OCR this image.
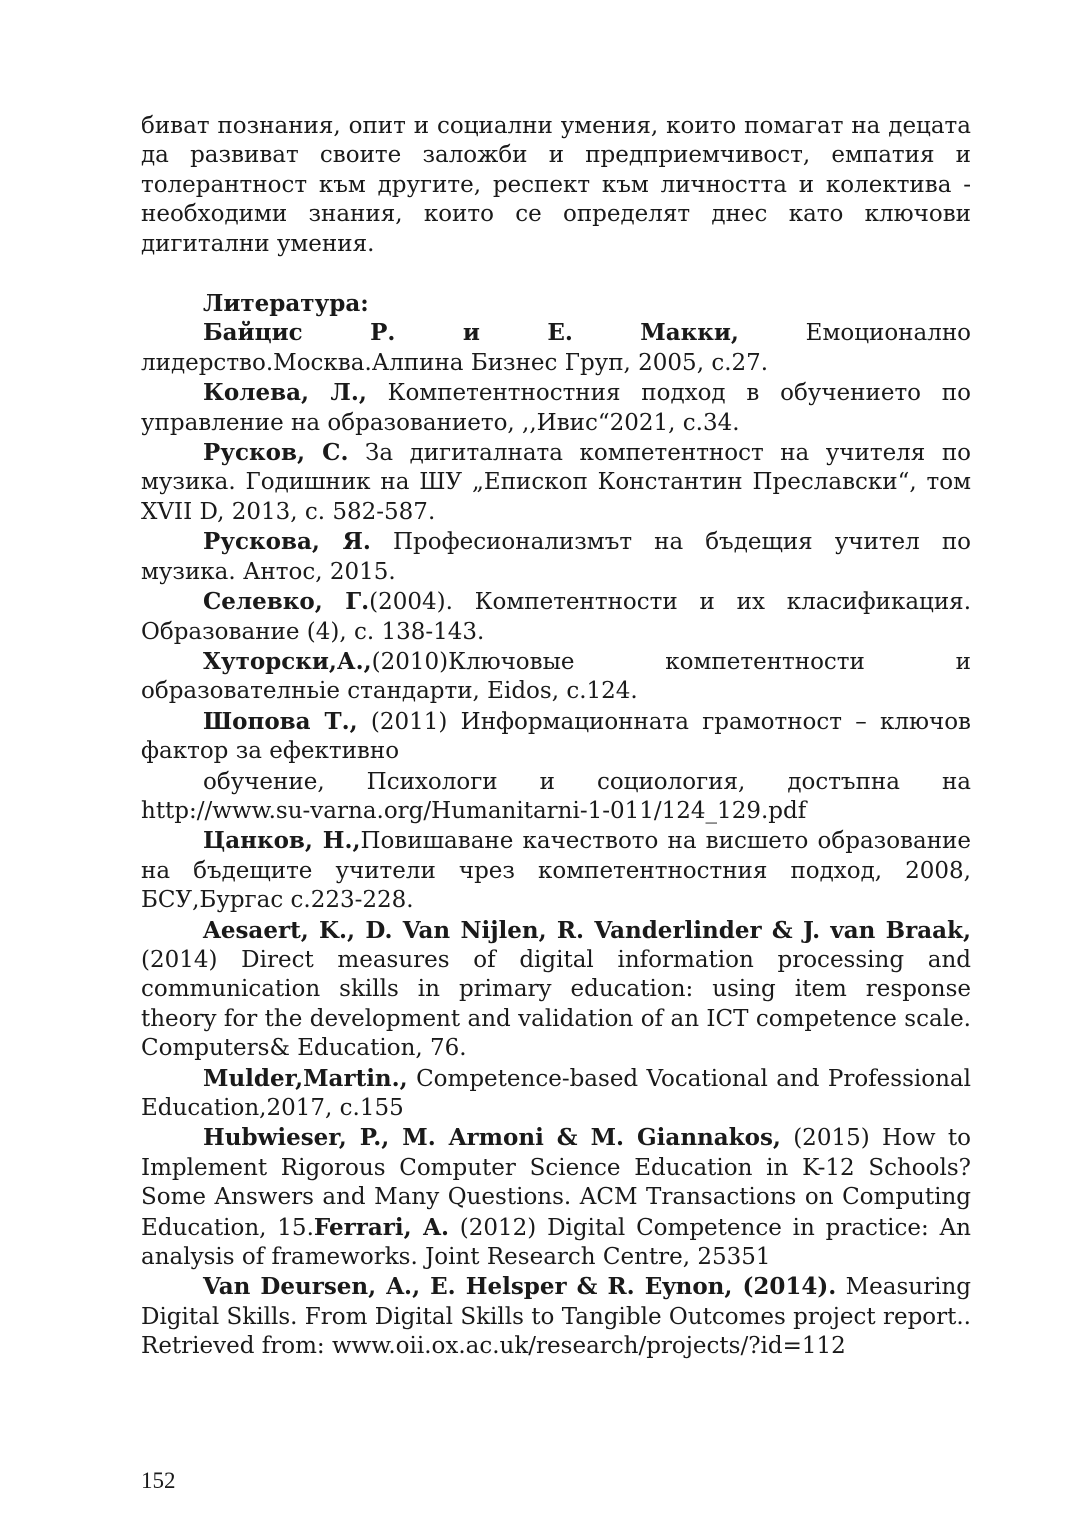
биват познания, опит и социални умения, които помагат на децата да развиват своите заложби и предприемчивост, емпатия и толерантност към другите, респект към личността и колектива - необходими знания, които се определят днес като ключови дигитални умения.

Литература:

Байцис Р. и Е. Макки, Емоционално лидерство.Москва.Алпина Бизнес Груп, 2005, с.27.

Колева, Л., Компетентностния подход в обучението по управление на образованието, ,,Ивис“2021, с.34.

Русков, С. За дигиталната компетентност на учителя по музика. Годишник на ШУ „Епископ Константин Преславски“, том XVII D, 2013, с. 582-587.

Рускова, Я. Професионализмът на бъдещия учител по музика. Антос, 2015.

Селевко, Г.(2004). Компетентности и их класификация. Образование (4), с. 138-143.

Хуторски,А.,(2010)Ключовые компетентности и образователньіе стандарти, Eidos, с.124.

Шопова Т., (2011) Информационната грамотност – ключов фактор за ефективно

обучение, Психологи и социология, достъпна на http://www.su-varna.org/Humanitarni-1-011/124_129.pdf

Цанков, Н.,Повишаване качеството на висшето образование на бъдещите учители чрез компетентностния подход, 2008, БСУ,Бургас с.223-228.

Aesaert, K., D. Van Nijlen, R. Vanderlinder & J. van Braak, (2014) Direct measures of digital information processing and communication skills in primary education: using item response theory for the development and validation of an ICT competence scale. Computers& Education, 76.

Mulder,Martin., Competence-based Vocational and Professional Education,2017, c.155

Hubwieser, P., M. Armoni & M. Giannakos, (2015) How to Implement Rigorous Computer Science Education in K-12 Schools? Some Answers and Many Questions. ACM Transactions on Computing Education, 15.Ferrari, A. (2012) Digital Competence in practice: An analysis of frameworks. Joint Research Centre, 25351

Van Deursen, A., E. Helsper & R. Eynon, (2014). Measuring Digital Skills. From Digital Skills to Tangible Outcomes project report.. Retrieved from: www.oii.ox.ac.uk/research/projects/?id=112

152
